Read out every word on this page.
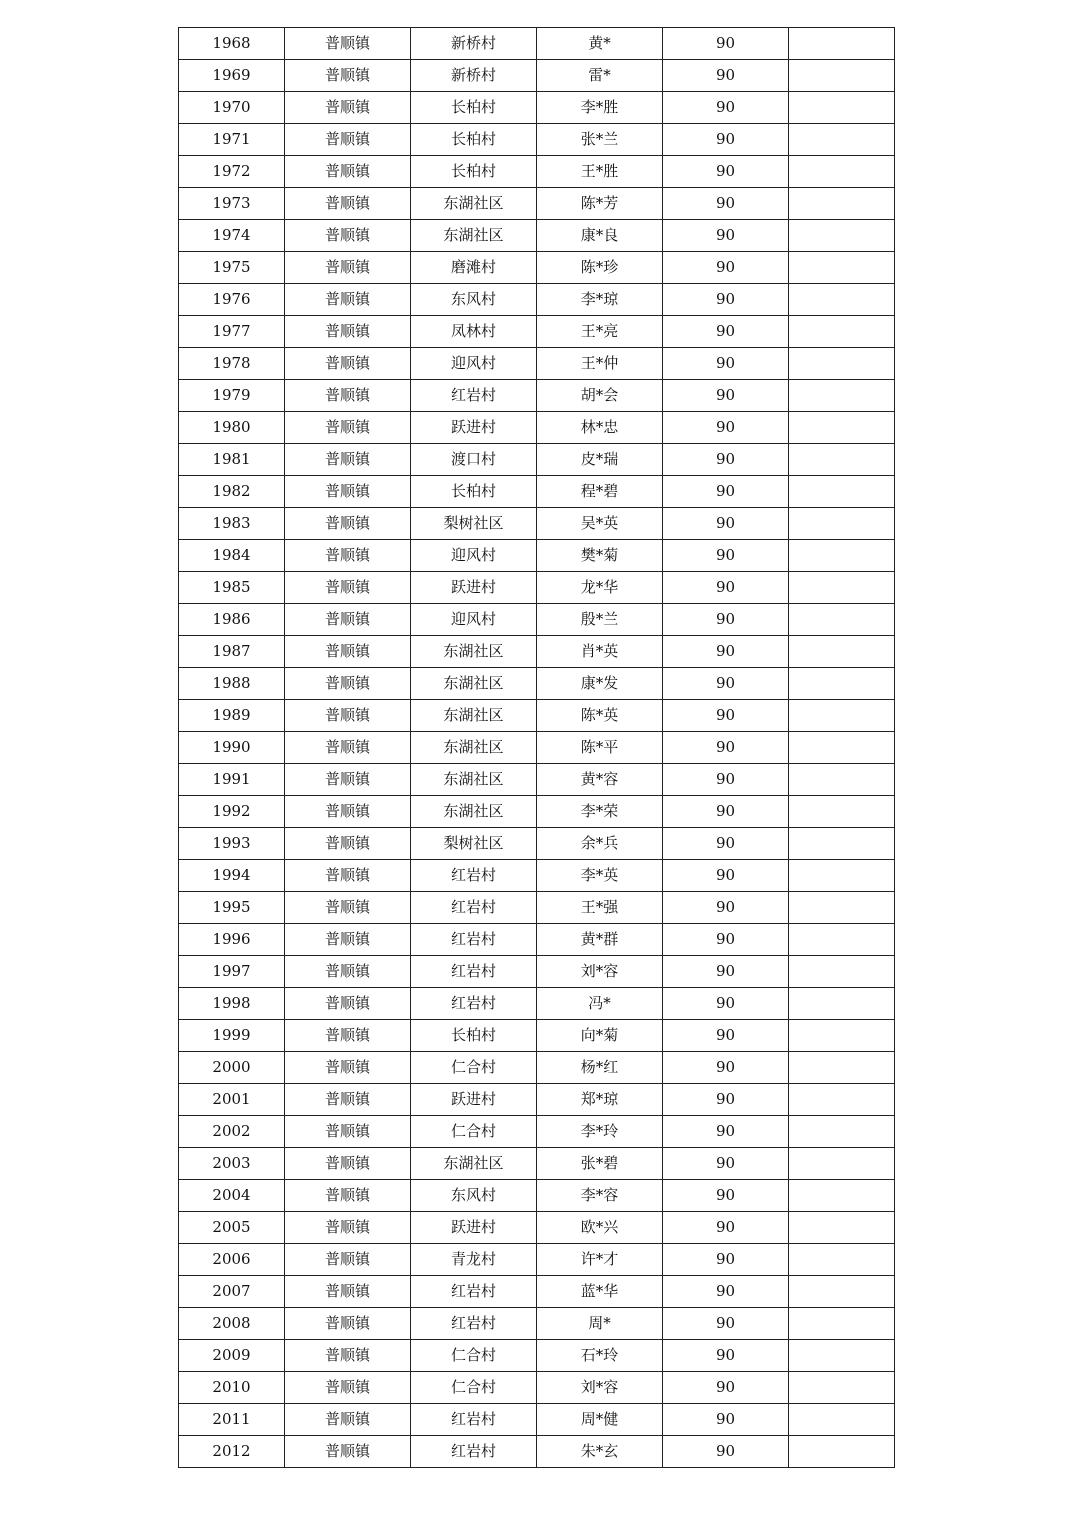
1968	普顺镇	新桥村	黄*	90	
1969	普顺镇	新桥村	雷*	90	
1970	普顺镇	长柏村	李*胜	90	
1971	普顺镇	长柏村	张*兰	90	
1972	普顺镇	长柏村	王*胜	90	
1973	普顺镇	东湖社区	陈*芳	90	
1974	普顺镇	东湖社区	康*良	90	
1975	普顺镇	磨滩村	陈*珍	90	
1976	普顺镇	东风村	李*琼	90	
1977	普顺镇	凤林村	王*亮	90	
1978	普顺镇	迎风村	王*仲	90	
1979	普顺镇	红岩村	胡*会	90	
1980	普顺镇	跃进村	林*忠	90	
1981	普顺镇	渡口村	皮*瑞	90	
1982	普顺镇	长柏村	程*碧	90	
1983	普顺镇	梨树社区	吴*英	90	
1984	普顺镇	迎风村	樊*菊	90	
1985	普顺镇	跃进村	龙*华	90	
1986	普顺镇	迎风村	殷*兰	90	
1987	普顺镇	东湖社区	肖*英	90	
1988	普顺镇	东湖社区	康*发	90	
1989	普顺镇	东湖社区	陈*英	90	
1990	普顺镇	东湖社区	陈*平	90	
1991	普顺镇	东湖社区	黄*容	90	
1992	普顺镇	东湖社区	李*荣	90	
1993	普顺镇	梨树社区	余*兵	90	
1994	普顺镇	红岩村	李*英	90	
1995	普顺镇	红岩村	王*强	90	
1996	普顺镇	红岩村	黄*群	90	
1997	普顺镇	红岩村	刘*容	90	
1998	普顺镇	红岩村	冯*	90	
1999	普顺镇	长柏村	向*菊	90	
2000	普顺镇	仁合村	杨*红	90	
2001	普顺镇	跃进村	郑*琼	90	
2002	普顺镇	仁合村	李*玲	90	
2003	普顺镇	东湖社区	张*碧	90	
2004	普顺镇	东风村	李*容	90	
2005	普顺镇	跃进村	欧*兴	90	
2006	普顺镇	青龙村	许*才	90	
2007	普顺镇	红岩村	蓝*华	90	
2008	普顺镇	红岩村	周*	90	
2009	普顺镇	仁合村	石*玲	90	
2010	普顺镇	仁合村	刘*容	90	
2011	普顺镇	红岩村	周*健	90	
2012	普顺镇	红岩村	朱*玄	90	
